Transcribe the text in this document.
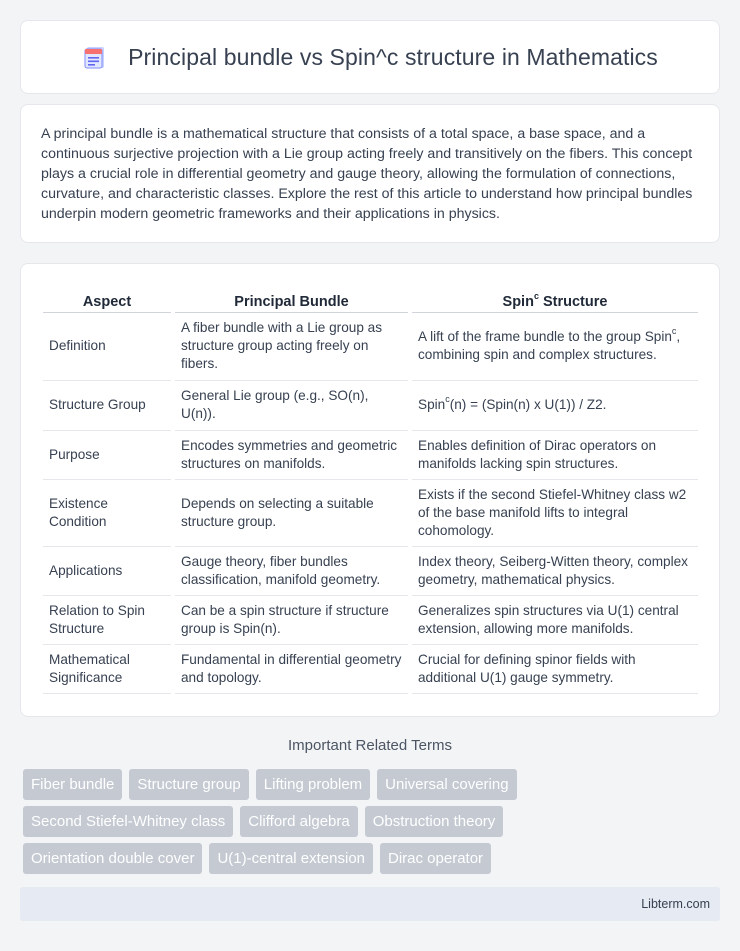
Principal bundle vs Spin^c structure in Mathematics

A principal bundle is a mathematical structure that consists of a total space, a base space, and a continuous surjective projection with a Lie group acting freely and transitively on the fibers. This concept plays a crucial role in differential geometry and gauge theory, allowing the formulation of connections, curvature, and characteristic classes. Explore the rest of this article to understand how principal bundles underpin modern geometric frameworks and their applications in physics.

Aspect	Principal Bundle	Spin$^c$ Structure
Definition	A fiber bundle with a Lie group as structure group acting freely on fibers.	A lift of the frame bundle to the group Spin$^c$, combining spin and complex structures.
Structure Group	General Lie group (e.g., SO(n), U(n)).	Spin$^c$(n) = (Spin(n) x U(1)) / Z2.
Purpose	Encodes symmetries and geometric structures on manifolds.	Enables definition of Dirac operators on manifolds lacking spin structures.
Existence Condition	Depends on selecting a suitable structure group.	Exists if the second Stiefel-Whitney class w2 of the base manifold lifts to integral cohomology.
Applications	Gauge theory, fiber bundles classification, manifold geometry.	Index theory, Seiberg-Witten theory, complex geometry, mathematical physics.
Relation to Spin Structure	Can be a spin structure if structure group is Spin(n).	Generalizes spin structures via U(1) central extension, allowing more manifolds.
Mathematical Significance	Fundamental in differential geometry and topology.	Crucial for defining spinor fields with additional U(1) gauge symmetry.
Important Related Terms
Fiber bundle	Structure group	Lifting problem	Universal covering
Second Stiefel-Whitney class	Clifford algebra	Obstruction theory
Orientation double cover	U(1)-central extension	Dirac operator
Libterm.com
